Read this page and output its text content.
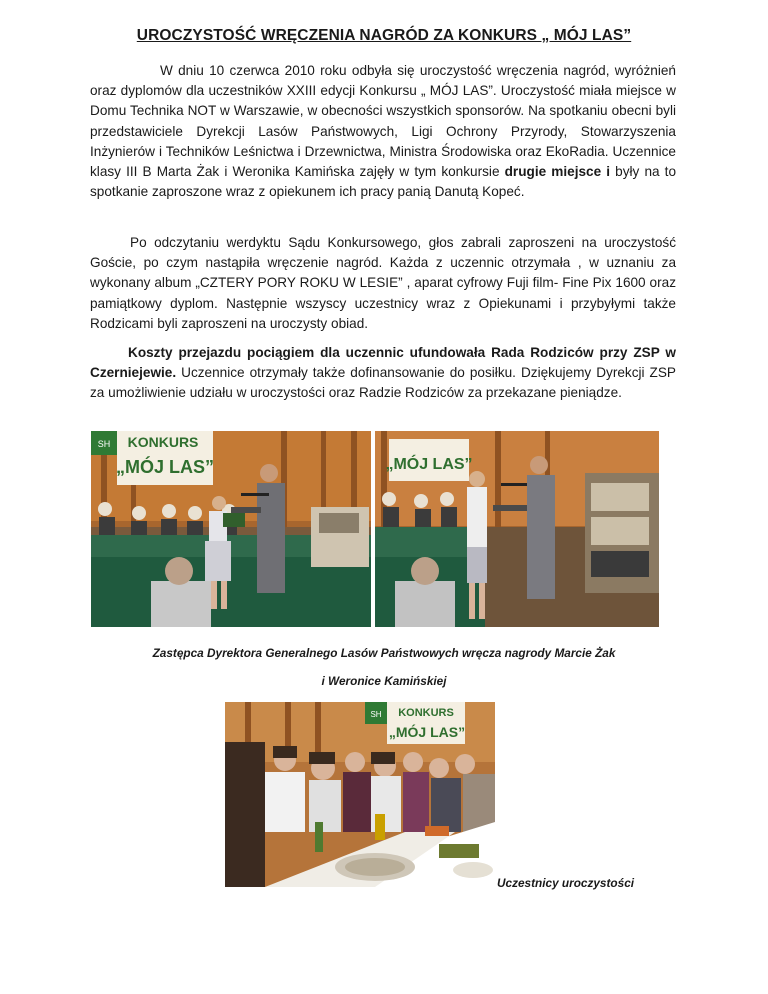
UROCZYSTOŚĆ WRĘCZENIA NAGRÓD ZA KONKURS „ MÓJ LAS”

W dniu 10 czerwca 2010 roku odbyła się uroczystość wręczenia nagród, wyróżnień oraz dyplomów dla uczestników XXIII edycji Konkursu „ MÓJ LAS”. Uroczystość miała miejsce w Domu Technika NOT w Warszawie, w obecności wszystkich sponsorów. Na spotkaniu obecni byli przedstawiciele Dyrekcji Lasów Państwowych, Ligi Ochrony Przyrody, Stowarzyszenia Inżynierów i Techników Leśnictwa i Drzewnictwa, Ministra Środowiska oraz EkoRadia. Uczennice klasy III B Marta Żak i Weronika Kamińska zajęły w tym konkursie drugie miejsce i były na to spotkanie zaproszone wraz z opiekunem ich pracy panią Danutą Kopeć.

Po odczytaniu werdyktu Sądu Konkursowego, głos zabrali zaproszeni na uroczystość Goście, po czym nastąpiła wręczenie nagród. Każda z uczennic otrzymała , w uznaniu za wykonany album „CZTERY PORY ROKU W LESIE” , aparat cyfrowy Fuji film- Fine Pix 1600 oraz pamiątkowy dyplom. Następnie wszyscy uczestnicy wraz z Opiekunami i przybyłymi także Rodzicami byli zaproszeni na uroczysty obiad.

Koszty przejazdu pociągiem dla uczennic ufundowała Rada Rodziców przy ZSP w Czerniejewie. Uczennice otrzymały także dofinansowanie do posiłku. Dziękujemy Dyrekcji ZSP za umożliwienie udziału w uroczystości oraz Radzie Rodziców za przekazane pieniądze.

SH KONKURS
„MÓJ LAS”	„MÓJ LAS”
Zastępca Dyrektora Generalnego Lasów Państwowych wręcza nagrody Marcie Żak
i Weronice Kamińskiej
SH KONKURS
„MÓJ LAS”
Uczestnicy uroczystości
